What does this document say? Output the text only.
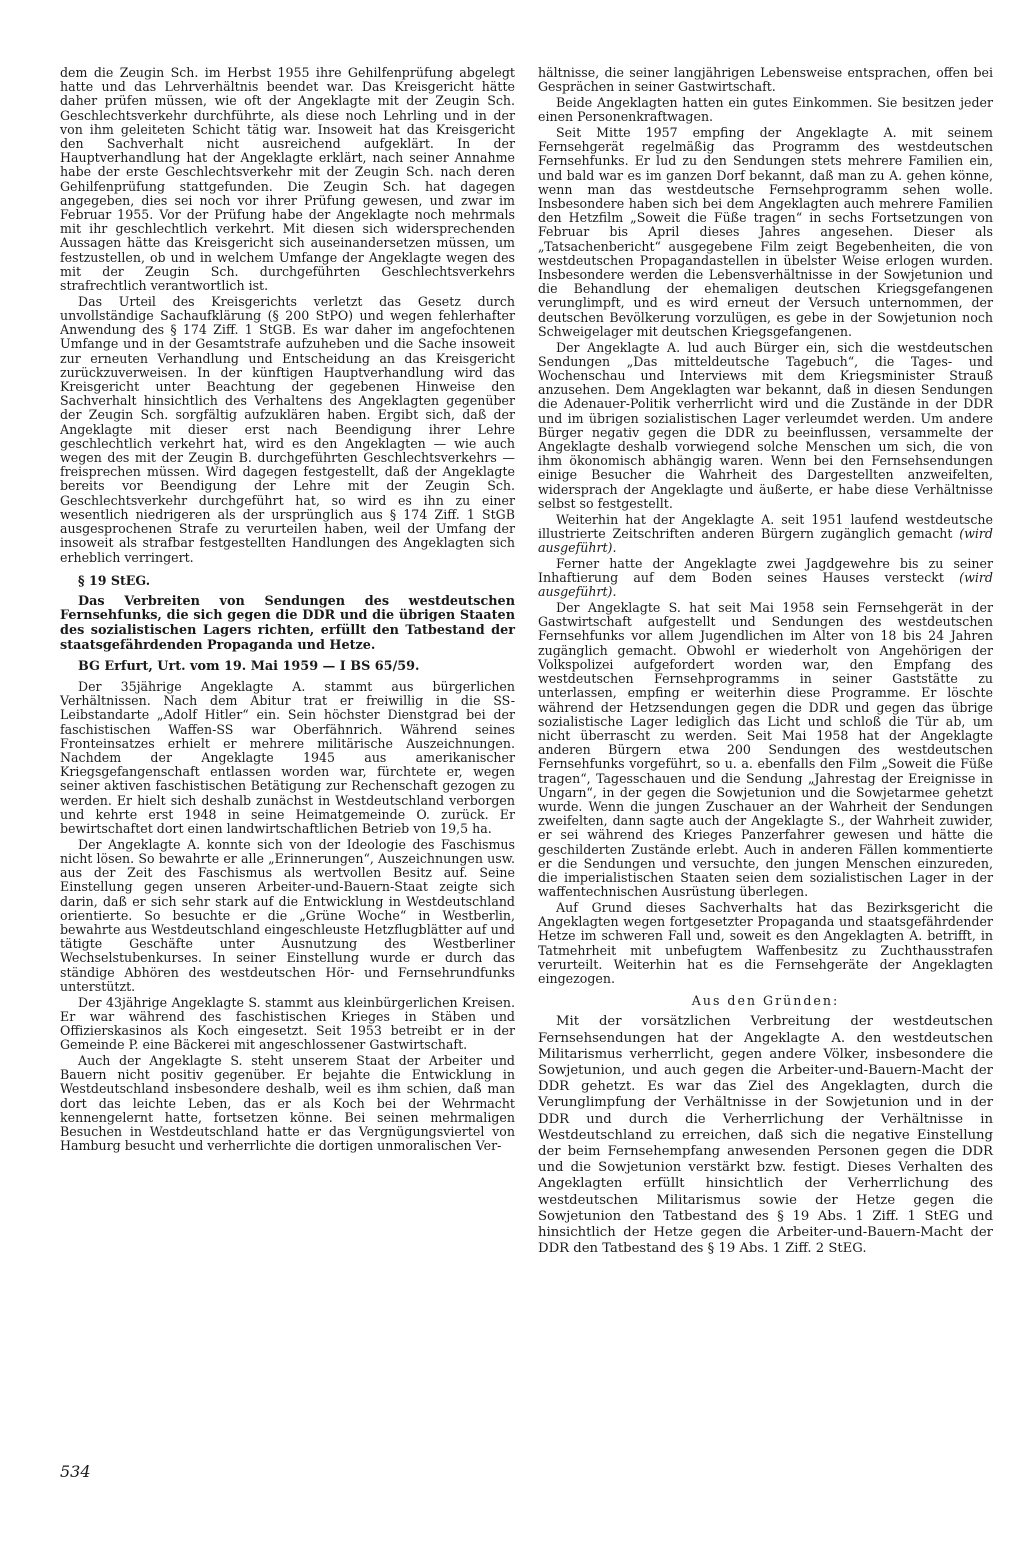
dem die Zeugin Sch. im Herbst 1955 ihre Gehilfenprüfung abgelegt hatte und das Lehrverhältnis beendet war. Das Kreisgericht hätte daher prüfen müssen, wie oft der Angeklagte mit der Zeugin Sch. Geschlechtsverkehr durchführte, als diese noch Lehrling und in der von ihm geleiteten Schicht tätig war. Insoweit hat das Kreisgericht den Sachverhalt nicht ausreichend aufgeklärt. In der Hauptverhandlung hat der Angeklagte erklärt, nach seiner Annahme habe der erste Geschlechtsverkehr mit der Zeugin Sch. nach deren Gehilfenprüfung stattgefunden. Die Zeugin Sch. hat dagegen angegeben, dies sei noch vor ihrer Prüfung gewesen, und zwar im Februar 1955. Vor der Prüfung habe der Angeklagte noch mehrmals mit ihr geschlechtlich verkehrt. Mit diesen sich widersprechenden Aussagen hätte das Kreisgericht sich auseinandersetzen müssen, um festzustellen, ob und in welchem Umfange der Angeklagte wegen des mit der Zeugin Sch. durchgeführten Geschlechtsverkehrs strafrechtlich verantwortlich ist.

Das Urteil des Kreisgerichts verletzt das Gesetz durch unvollständige Sachaufklärung (§ 200 StPO) und wegen fehlerhafter Anwendung des § 174 Ziff. 1 StGB. Es war daher im angefochtenen Umfange und in der Gesamtstrafe aufzuheben und die Sache insoweit zur erneuten Verhandlung und Entscheidung an das Kreisgericht zurückzuverweisen. In der künftigen Hauptverhandlung wird das Kreisgericht unter Beachtung der gegebenen Hinweise den Sachverhalt hinsichtlich des Verhaltens des Angeklagten gegenüber der Zeugin Sch. sorgfältig aufzuklären haben. Ergibt sich, daß der Angeklagte mit dieser erst nach Beendigung ihrer Lehre geschlechtlich verkehrt hat, wird es den Angeklagten — wie auch wegen des mit der Zeugin B. durchgeführten Geschlechtsverkehrs — freisprechen müssen. Wird dagegen festgestellt, daß der Angeklagte bereits vor Beendigung der Lehre mit der Zeugin Sch. Geschlechtsverkehr durchgeführt hat, so wird es ihn zu einer wesentlich niedrigeren als der ursprünglich aus § 174 Ziff. 1 StGB ausgesprochenen Strafe zu verurteilen haben, weil der Umfang der insoweit als strafbar festgestellten Handlungen des Angeklagten sich erheblich verringert.

§ 19 StEG.
Das Verbreiten von Sendungen des westdeutschen Fernsehfunks, die sich gegen die DDR und die übrigen Staaten des sozialistischen Lagers richten, erfüllt den Tatbestand der staatsgefährdenden Propaganda und Hetze.
BG Erfurt, Urt. vom 19. Mai 1959 — I BS 65/59.

Der 35jährige Angeklagte A. stammt aus bürgerlichen Verhältnissen. Nach dem Abitur trat er freiwillig in die SS-Leibstandarte „Adolf Hitler“ ein. Sein höchster Dienstgrad bei der faschistischen Waffen-SS war Oberfähnrich. Während seines Fronteinsatzes erhielt er mehrere militärische Auszeichnungen. Nachdem der Angeklagte 1945 aus amerikanischer Kriegsgefangenschaft entlassen worden war, fürchtete er, wegen seiner aktiven faschistischen Betätigung zur Rechenschaft gezogen zu werden. Er hielt sich deshalb zunächst in Westdeutschland verborgen und kehrte erst 1948 in seine Heimatgemeinde O. zurück. Er bewirtschaftet dort einen landwirtschaftlichen Betrieb von 19,5 ha.

Der Angeklagte A. konnte sich von der Ideologie des Faschismus nicht lösen. So bewahrte er alle „Erinnerungen“, Auszeichnungen usw. aus der Zeit des Faschismus als wertvollen Besitz auf. Seine Einstellung gegen unseren Arbeiter-und-Bauern-Staat zeigte sich darin, daß er sich sehr stark auf die Entwicklung in Westdeutschland orientierte. So besuchte er die „Grüne Woche“ in Westberlin, bewahrte aus Westdeutschland eingeschleuste Hetzflugblätter auf und tätigte Geschäfte unter Ausnutzung des Westberliner Wechselstubenkurses. In seiner Einstellung wurde er durch das ständige Abhören des westdeutschen Hör- und Fernsehrundfunks unterstützt.

Der 43jährige Angeklagte S. stammt aus kleinbürgerlichen Kreisen. Er war während des faschistischen Krieges in Stäben und Offizierskasinos als Koch eingesetzt. Seit 1953 betreibt er in der Gemeinde P. eine Bäckerei mit angeschlossener Gastwirtschaft.

Auch der Angeklagte S. steht unserem Staat der Arbeiter und Bauern nicht positiv gegenüber. Er bejahte die Entwicklung in Westdeutschland insbesondere deshalb, weil es ihm schien, daß man dort das leichte Leben, das er als Koch bei der Wehrmacht kennengelernt hatte, fortsetzen könne. Bei seinen mehrmaligen Besuchen in Westdeutschland hatte er das Vergnügungsviertel von Hamburg besucht und verherrlichte die dortigen unmoralischen Ver-

hältnisse, die seiner langjährigen Lebensweise entsprachen, offen bei Gesprächen in seiner Gastwirtschaft.

Beide Angeklagten hatten ein gutes Einkommen. Sie besitzen jeder einen Personenkraftwagen.

Seit Mitte 1957 empfing der Angeklagte A. mit seinem Fernsehgerät regelmäßig das Programm des westdeutschen Fernsehfunks. Er lud zu den Sendungen stets mehrere Familien ein, und bald war es im ganzen Dorf bekannt, daß man zu A. gehen könne, wenn man das westdeutsche Fernsehprogramm sehen wolle. Insbesondere haben sich bei dem Angeklagten auch mehrere Familien den Hetzfilm „Soweit die Füße tragen“ in sechs Fortsetzungen von Februar bis April dieses Jahres angesehen. Dieser als „Tatsachenbericht“ ausgegebene Film zeigt Begebenheiten, die von westdeutschen Propagandastellen in übelster Weise erlogen wurden. Insbesondere werden die Lebensverhältnisse in der Sowjetunion und die Behandlung der ehemaligen deutschen Kriegsgefangenen verunglimpft, und es wird erneut der Versuch unternommen, der deutschen Bevölkerung vorzulügen, es gebe in der Sowjetunion noch Schweigelager mit deutschen Kriegsgefangenen.

Der Angeklagte A. lud auch Bürger ein, sich die westdeutschen Sendungen „Das mitteldeutsche Tagebuch“, die Tages- und Wochenschau und Interviews mit dem Kriegsminister Strauß anzusehen. Dem Angeklagten war bekannt, daß in diesen Sendungen die Adenauer-Politik verherrlicht wird und die Zustände in der DDR und im übrigen sozialistischen Lager verleumdet werden. Um andere Bürger negativ gegen die DDR zu beeinflussen, versammelte der Angeklagte deshalb vorwiegend solche Menschen um sich, die von ihm ökonomisch abhängig waren. Wenn bei den Fernsehsendungen einige Besucher die Wahrheit des Dargestellten anzweifelten, widersprach der Angeklagte und äußerte, er habe diese Verhältnisse selbst so festgestellt.

Weiterhin hat der Angeklagte A. seit 1951 laufend westdeutsche illustrierte Zeitschriften anderen Bürgern zugänglich gemacht (wird ausgeführt).

Ferner hatte der Angeklagte zwei Jagdgewehre bis zu seiner Inhaftierung auf dem Boden seines Hauses versteckt (wird ausgeführt).

Der Angeklagte S. hat seit Mai 1958 sein Fernsehgerät in der Gastwirtschaft aufgestellt und Sendungen des westdeutschen Fernsehfunks vor allem Jugendlichen im Alter von 18 bis 24 Jahren zugänglich gemacht. Obwohl er wiederholt von Angehörigen der Volkspolizei aufgefordert worden war, den Empfang des westdeutschen Fernsehprogramms in seiner Gaststätte zu unterlassen, empfing er weiterhin diese Programme. Er löschte während der Hetzsendungen gegen die DDR und gegen das übrige sozialistische Lager lediglich das Licht und schloß die Tür ab, um nicht überrascht zu werden. Seit Mai 1958 hat der Angeklagte anderen Bürgern etwa 200 Sendungen des westdeutschen Fernsehfunks vorgeführt, so u. a. ebenfalls den Film „Soweit die Füße tragen“, Tagesschauen und die Sendung „Jahrestag der Ereignisse in Ungarn“, in der gegen die Sowjetunion und die Sowjetarmee gehetzt wurde. Wenn die jungen Zuschauer an der Wahrheit der Sendungen zweifelten, dann sagte auch der Angeklagte S., der Wahrheit zuwider, er sei während des Krieges Panzerfahrer gewesen und hätte die geschilderten Zustände erlebt. Auch in anderen Fällen kommentierte er die Sendungen und versuchte, den jungen Menschen einzureden, die imperialistischen Staaten seien dem sozialistischen Lager in der waffentechnischen Ausrüstung überlegen.

Auf Grund dieses Sachverhalts hat das Bezirksgericht die Angeklagten wegen fortgesetzter Propaganda und staatsgefährdender Hetze im schweren Fall und, soweit es den Angeklagten A. betrifft, in Tatmehrheit mit unbefugtem Waffenbesitz zu Zuchthausstrafen verurteilt. Weiterhin hat es die Fernsehgeräte der Angeklagten eingezogen.

Aus den Gründen:

Mit der vorsätzlichen Verbreitung der westdeutschen Fernsehsendungen hat der Angeklagte A. den westdeutschen Militarismus verherrlicht, gegen andere Völker, insbesondere die Sowjetunion, und auch gegen die Arbeiter-und-Bauern-Macht der DDR gehetzt. Es war das Ziel des Angeklagten, durch die Verunglimpfung der Verhältnisse in der Sowjetunion und in der DDR und durch die Verherrlichung der Verhältnisse in Westdeutschland zu erreichen, daß sich die negative Einstellung der beim Fernsehempfang anwesenden Personen gegen die DDR und die Sowjetunion verstärkt bzw. festigt. Dieses Verhalten des Angeklagten erfüllt hinsichtlich der Verherrlichung des westdeutschen Militarismus sowie der Hetze gegen die Sowjetunion den Tatbestand des § 19 Abs. 1 Ziff. 1 StEG und hinsichtlich der Hetze gegen die Arbeiter-und-Bauern-Macht der DDR den Tatbestand des § 19 Abs. 1 Ziff. 2 StEG.

534
